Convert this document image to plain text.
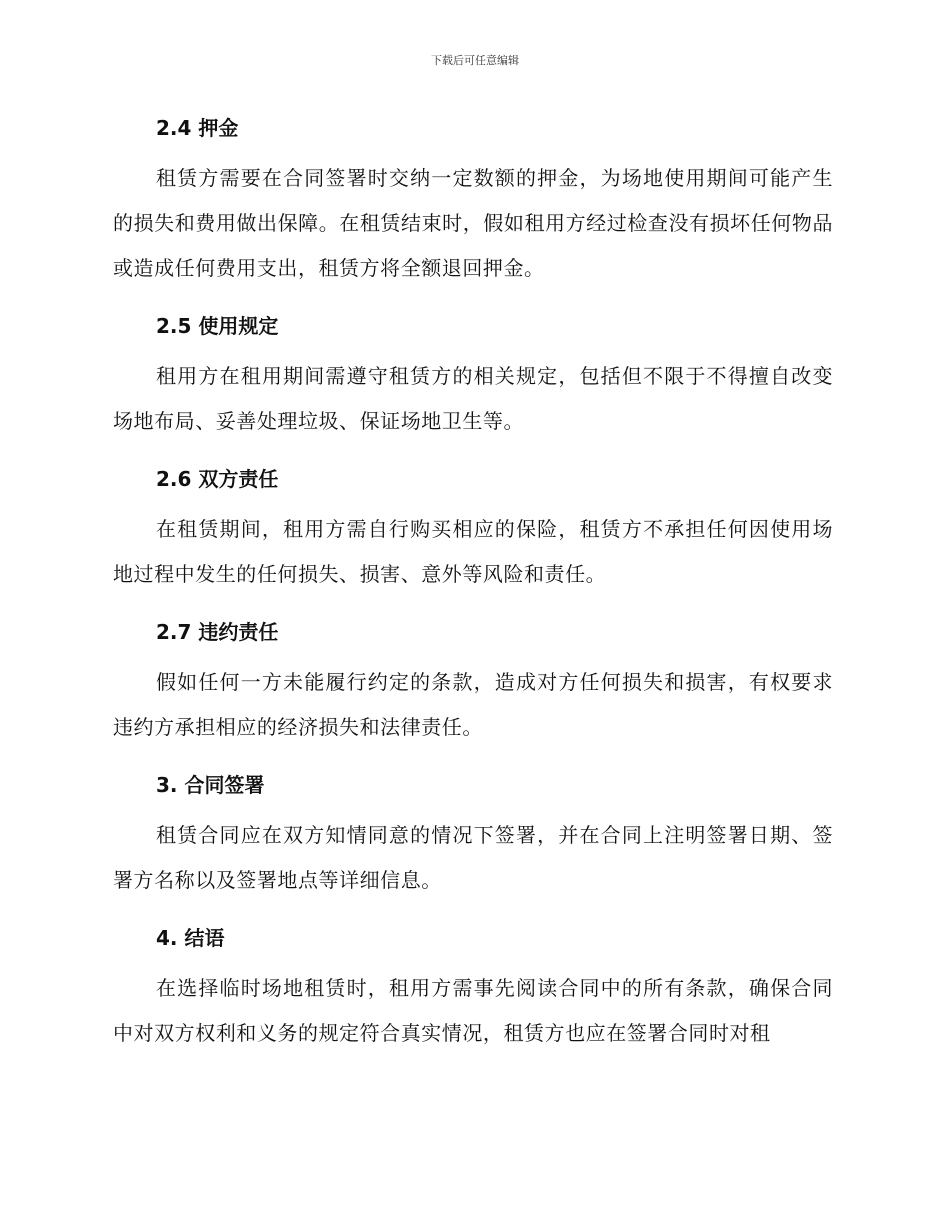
下载后可任意编辑
2.4 押金

租赁方需要在合同签署时交纳一定数额的押金，为场地使用期间可能产生的损失和费用做出保障。在租赁结束时，假如租用方经过检查没有损坏任何物品或造成任何费用支出，租赁方将全额退回押金。

2.5 使用规定

租用方在租用期间需遵守租赁方的相关规定，包括但不限于不得擅自改变场地布局、妥善处理垃圾、保证场地卫生等。

2.6 双方责任

在租赁期间，租用方需自行购买相应的保险，租赁方不承担任何因使用场地过程中发生的任何损失、损害、意外等风险和责任。

2.7 违约责任

假如任何一方未能履行约定的条款，造成对方任何损失和损害，有权要求违约方承担相应的经济损失和法律责任。

3. 合同签署

租赁合同应在双方知情同意的情况下签署，并在合同上注明签署日期、签署方名称以及签署地点等详细信息。

4. 结语

在选择临时场地租赁时，租用方需事先阅读合同中的所有条款，确保合同中对双方权利和义务的规定符合真实情况，租赁方也应在签署合同时对租
